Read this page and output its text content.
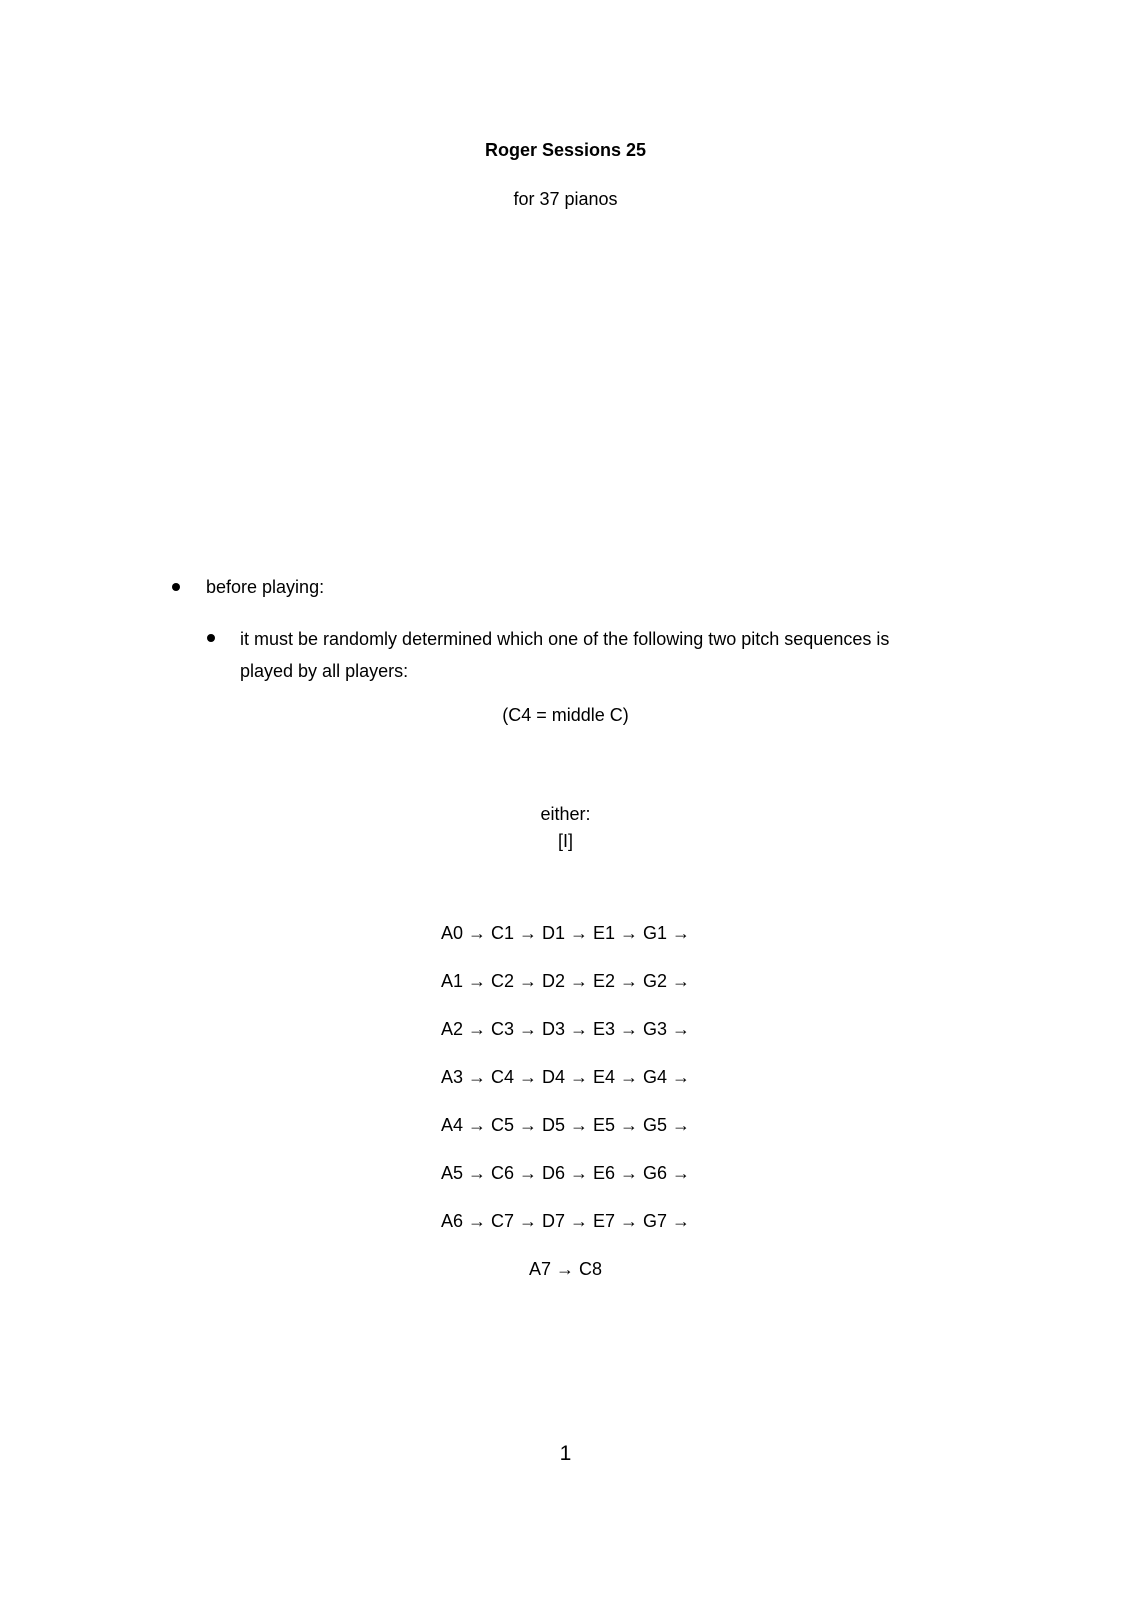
Roger Sessions 25
for 37 pianos
before playing:
it must be randomly determined which one of the following two pitch sequences is
played by all players:
(C4 = middle C)
either:
[I]
A0 → C1 → D1 → E1 → G1 →
A1 → C2 → D2 → E2 → G2 →
A2 → C3 → D3 → E3 → G3 →
A3 → C4 → D4 → E4 → G4 →
A4 → C5 → D5 → E5 → G5 →
A5 → C6 → D6 → E6 → G6 →
A6 → C7 → D7 → E7 → G7 →
A7 → C8
1
